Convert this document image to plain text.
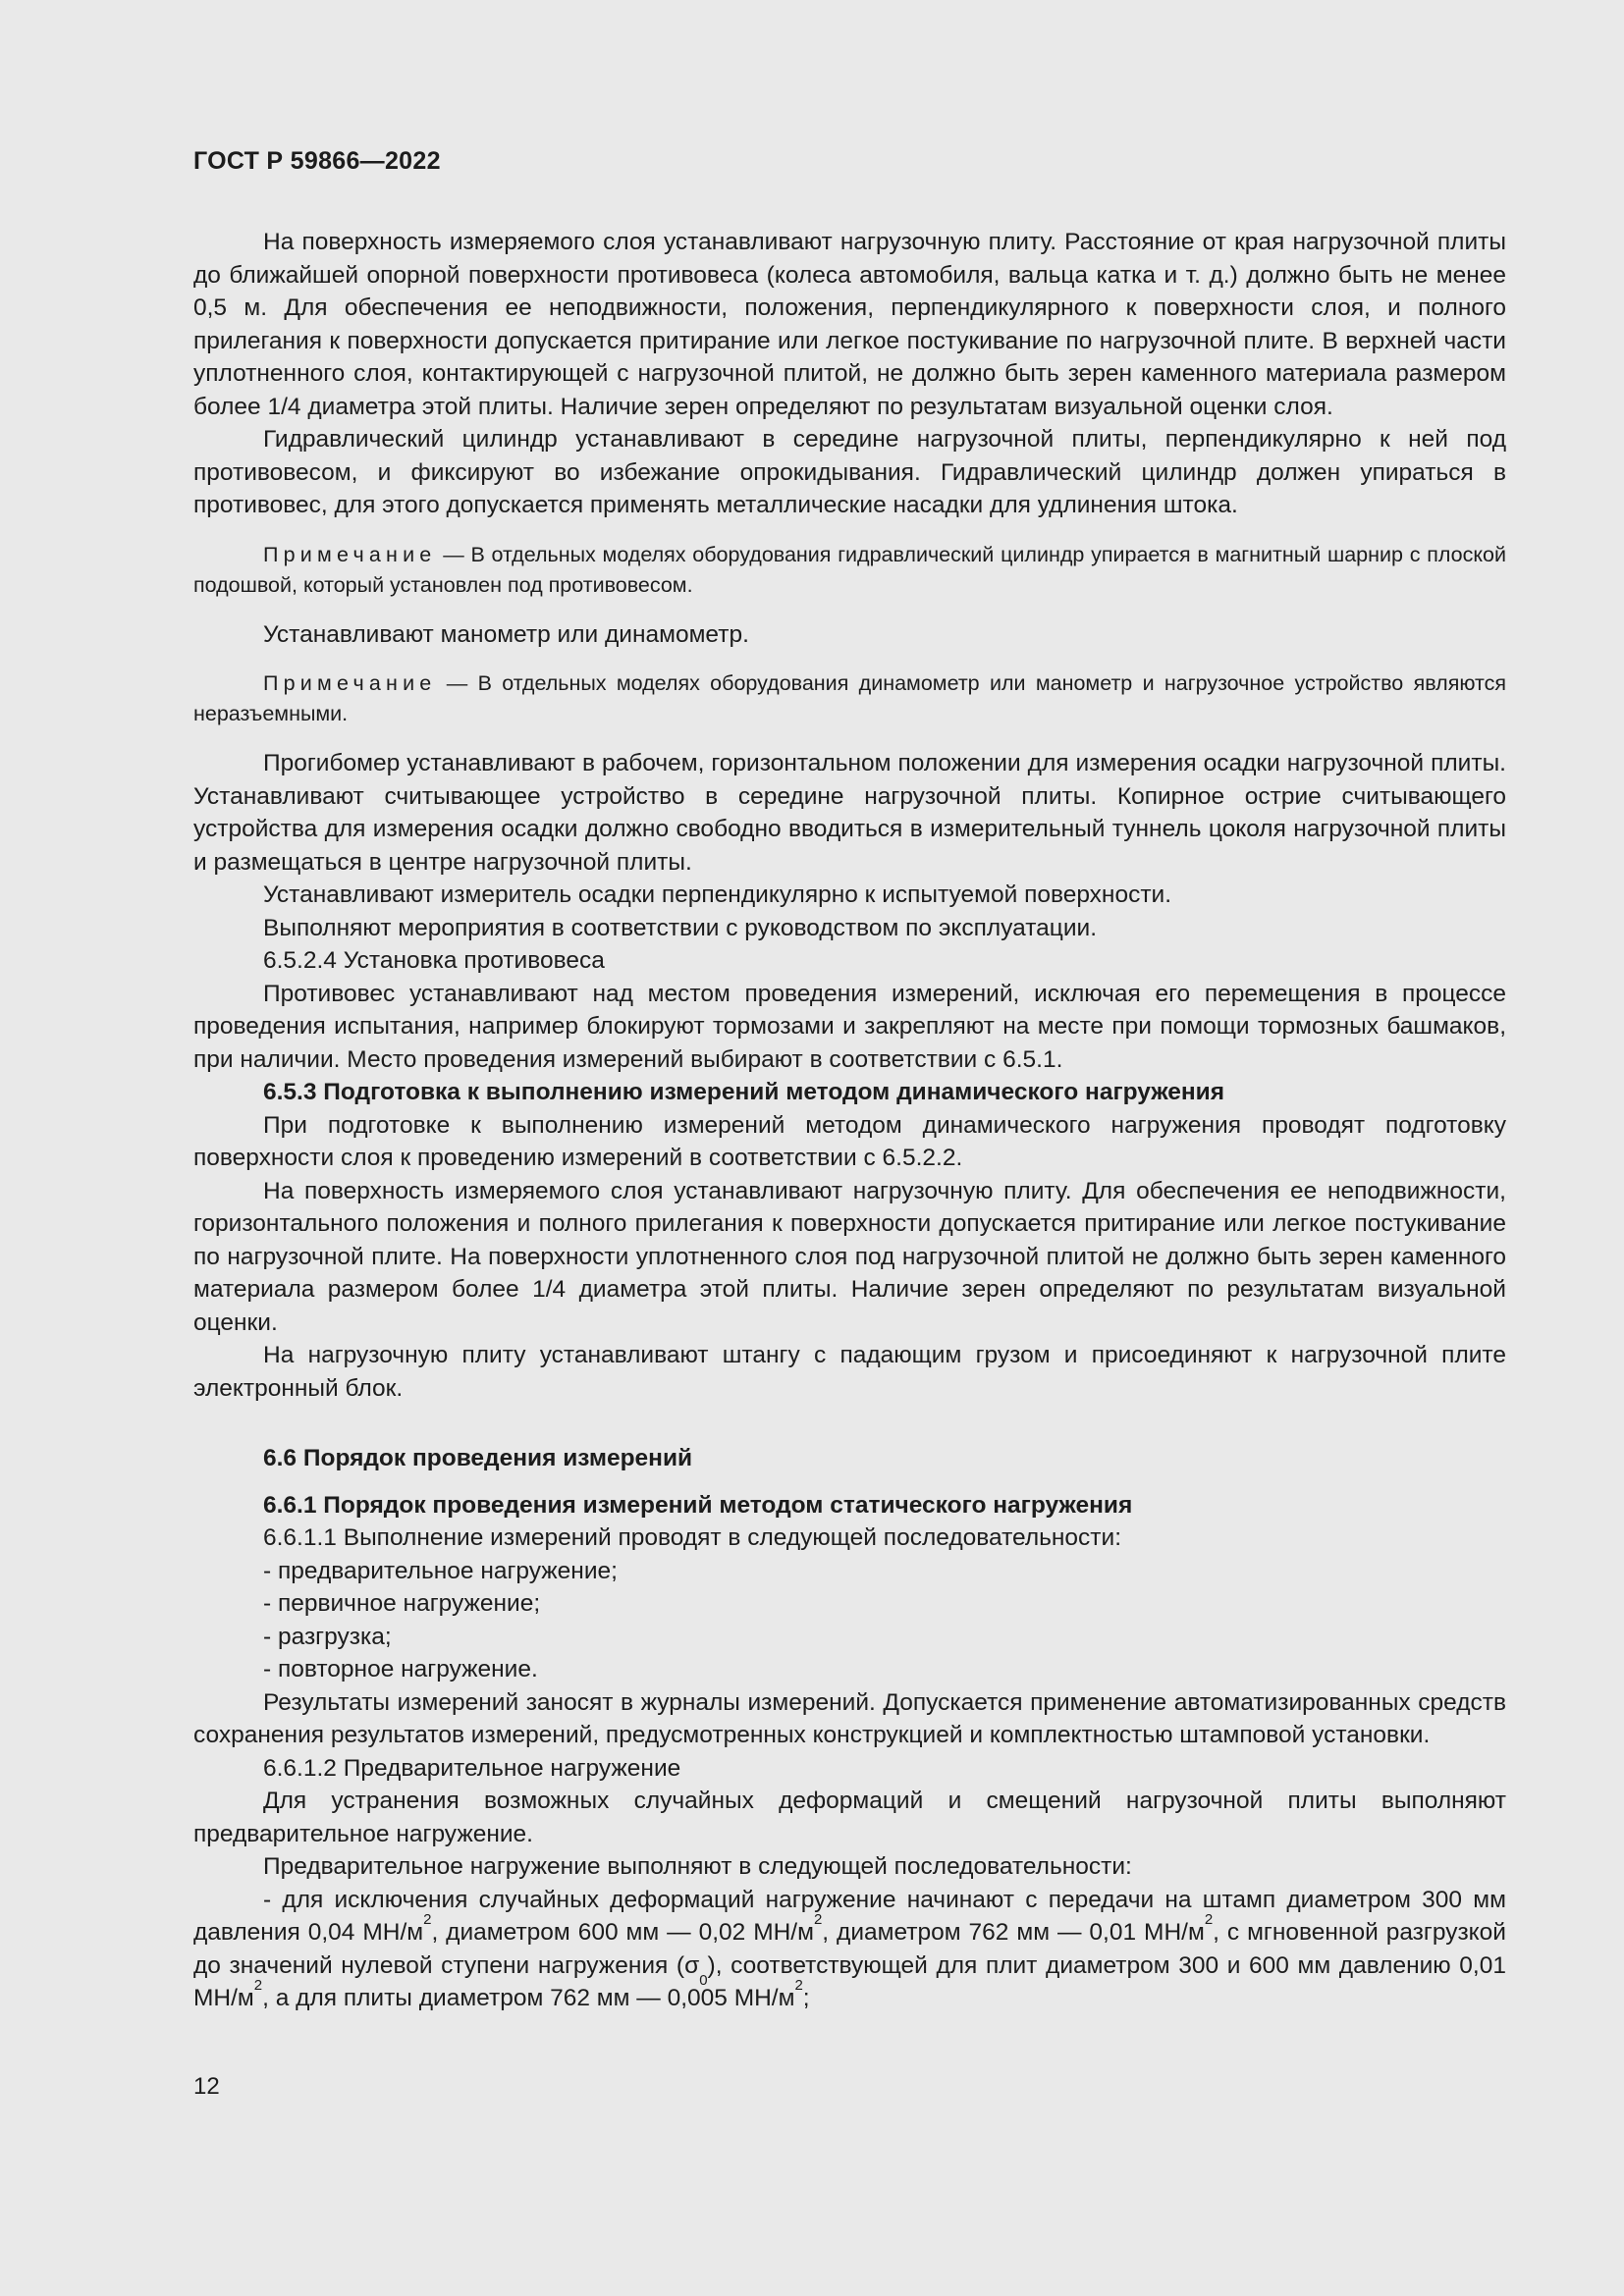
ГОСТ Р 59866—2022

На поверхность измеряемого слоя устанавливают нагрузочную плиту. Расстояние от края нагрузочной плиты до ближайшей опорной поверхности противовеса (колеса автомобиля, вальца катка и т. д.) должно быть не менее 0,5 м. Для обеспечения ее неподвижности, положения, перпендикулярного к поверхности слоя, и полного прилегания к поверхности допускается притирание или легкое постукивание по нагрузочной плите. В верхней части уплотненного слоя, контактирующей с нагрузочной плитой, не должно быть зерен каменного материала размером более 1/4 диаметра этой плиты. Наличие зерен определяют по результатам визуальной оценки слоя.

Гидравлический цилиндр устанавливают в середине нагрузочной плиты, перпендикулярно к ней под противовесом, и фиксируют во избежание опрокидывания. Гидравлический цилиндр должен упираться в противовес, для этого допускается применять металлические насадки для удлинения штока.

Примечание — В отдельных моделях оборудования гидравлический цилиндр упирается в магнитный шарнир с плоской подошвой, который установлен под противовесом.

Устанавливают манометр или динамометр.

Примечание — В отдельных моделях оборудования динамометр или манометр и нагрузочное устройство являются неразъемными.

Прогибомер устанавливают в рабочем, горизонтальном положении для измерения осадки нагрузочной плиты. Устанавливают считывающее устройство в середине нагрузочной плиты. Копирное острие считывающего устройства для измерения осадки должно свободно вводиться в измерительный туннель цоколя нагрузочной плиты и размещаться в центре нагрузочной плиты.

Устанавливают измеритель осадки перпендикулярно к испытуемой поверхности.

Выполняют мероприятия в соответствии с руководством по эксплуатации.

6.5.2.4 Установка противовеса

Противовес устанавливают над местом проведения измерений, исключая его перемещения в процессе проведения испытания, например блокируют тормозами и закрепляют на месте при помощи тормозных башмаков, при наличии. Место проведения измерений выбирают в соответствии с 6.5.1.

6.5.3 Подготовка к выполнению измерений методом динамического нагружения

При подготовке к выполнению измерений методом динамического нагружения проводят подготовку поверхности слоя к проведению измерений в соответствии с 6.5.2.2.

На поверхность измеряемого слоя устанавливают нагрузочную плиту. Для обеспечения ее неподвижности, горизонтального положения и полного прилегания к поверхности допускается притирание или легкое постукивание по нагрузочной плите. На поверхности уплотненного слоя под нагрузочной плитой не должно быть зерен каменного материала размером более 1/4 диаметра этой плиты. Наличие зерен определяют по результатам визуальной оценки.

На нагрузочную плиту устанавливают штангу с падающим грузом и присоединяют к нагрузочной плите электронный блок.

6.6 Порядок проведения измерений

6.6.1 Порядок проведения измерений методом статического нагружения

6.6.1.1 Выполнение измерений проводят в следующей последовательности:

- предварительное нагружение;

- первичное нагружение;

- разгрузка;

- повторное нагружение.

Результаты измерений заносят в журналы измерений. Допускается применение автоматизированных средств сохранения результатов измерений, предусмотренных конструкцией и комплектностью штамповой установки.

6.6.1.2 Предварительное нагружение

Для устранения возможных случайных деформаций и смещений нагрузочной плиты выполняют предварительное нагружение.

Предварительное нагружение выполняют в следующей последовательности:

- для исключения случайных деформаций нагружение начинают с передачи на штамп диаметром 300 мм давления 0,04 $МН/м^2$, диаметром 600 мм — 0,02 $МН/м^2$, диаметром 762 мм — 0,01 $МН/м^2$, с мгновенной разгрузкой до значений нулевой ступени нагружения $(\sigma_0)$, соответствующей для плит диаметром 300 и 600 мм давлению 0,01 $МН/м^2$, а для плиты диаметром 762 мм — 0,005 $МН/м^2$;

12
